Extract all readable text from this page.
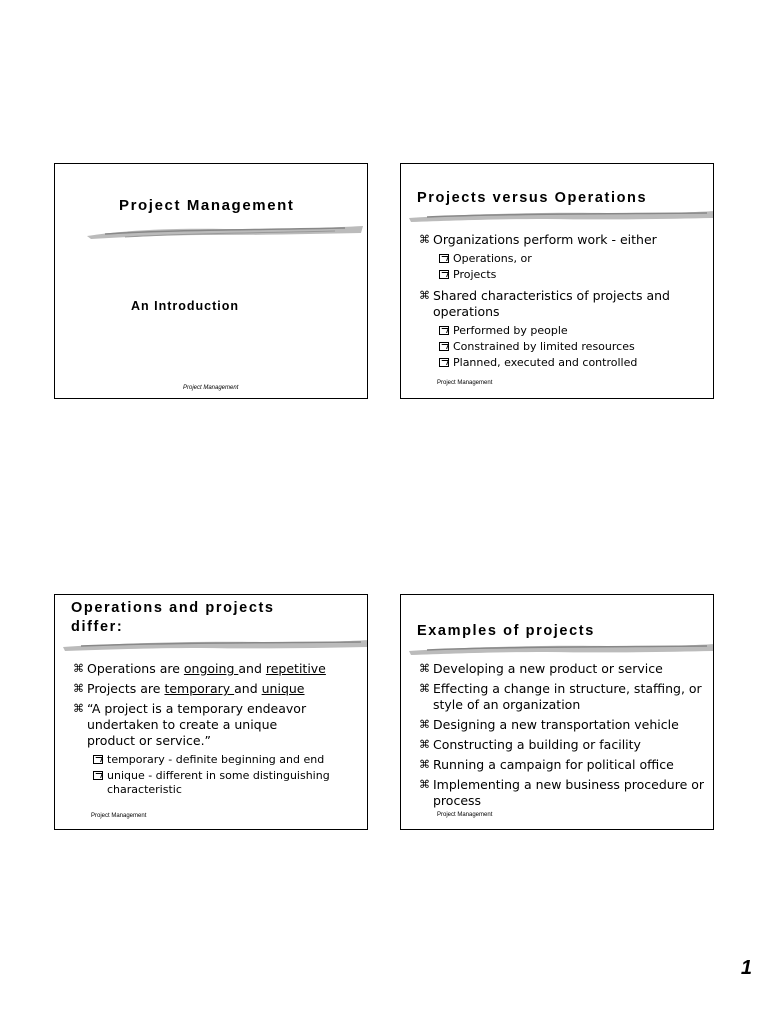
Project Management
An Introduction
Project Management
Projects versus Operations
⌘ Organizations perform work - either
Operations, or
Projects
⌘ Shared characteristics of projects and operations
Performed by people
Constrained by limited resources
Planned, executed and controlled
Project Management
Operations and projects differ:
⌘ Operations are ongoing and repetitive
⌘ Projects are temporary and unique
⌘ “A project is a temporary endeavor undertaken to create a unique product or service.”
temporary - definite beginning and end
unique - different in some distinguishing characteristic
Project Management
Examples of projects
⌘ Developing a new product or service
⌘ Effecting a change in structure, staffing, or style of an organization
⌘ Designing a new transportation vehicle
⌘ Constructing a building or facility
⌘ Running a campaign for political office
⌘ Implementing a new business procedure or process
Project Management
1
